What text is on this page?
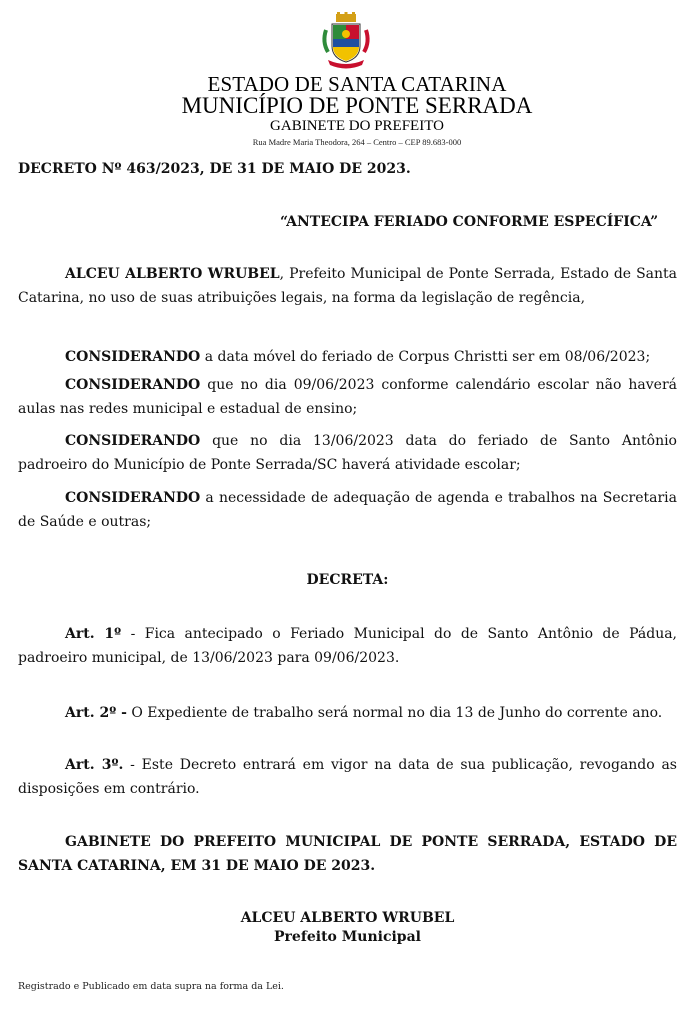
ESTADO DE SANTA CATARINA
MUNICÍPIO DE PONTE SERRADA
GABINETE DO PREFEITO
Rua Madre Maria Theodora, 264 – Centro – CEP 89.683-000

DECRETO Nº 463/2023, DE 31 DE MAIO DE 2023.

“ANTECIPA FERIADO CONFORME ESPECÍFICA”

ALCEU ALBERTO WRUBEL, Prefeito Municipal de Ponte Serrada, Estado de Santa Catarina, no uso de suas atribuições legais, na forma da legislação de regência,

CONSIDERANDO a data móvel do feriado de Corpus Christti ser em 08/06/2023;

CONSIDERANDO que no dia 09/06/2023 conforme calendário escolar não haverá aulas nas redes municipal e estadual de ensino;

CONSIDERANDO que no dia 13/06/2023 data do feriado de Santo Antônio padroeiro do Município de Ponte Serrada/SC haverá atividade escolar;

CONSIDERANDO a necessidade de adequação de agenda e trabalhos na Secretaria de Saúde e outras;

DECRETA:

Art. 1º - Fica antecipado o Feriado Municipal do de Santo Antônio de Pádua, padroeiro municipal, de 13/06/2023 para 09/06/2023.

Art. 2º - O Expediente de trabalho será normal no dia 13 de Junho do corrente ano.

Art. 3º. - Este Decreto entrará em vigor na data de sua publicação, revogando as disposições em contrário.

GABINETE DO PREFEITO MUNICIPAL DE PONTE SERRADA, ESTADO DE SANTA CATARINA, EM 31 DE MAIO DE 2023.

ALCEU ALBERTO WRUBEL

Prefeito Municipal

Registrado e Publicado em data supra na forma da Lei.
